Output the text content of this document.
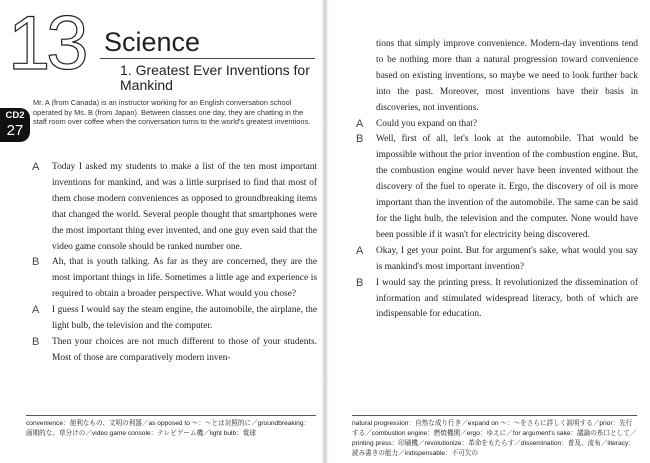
13 Science
1. Greatest Ever Inventions for Mankind
CD2
27
Mr. A (from Canada) is an instructor working for an English conversation school operated by Ms. B (from Japan). Between classes one day, they are chatting in the staff room over coffee when the conversation turns to the world's greatest inventions.
A Today I asked my students to make a list of the ten most important inventions for mankind, and was a little surprised to find that most of them chose modern conveniences as opposed to groundbreaking items that changed the world. Several people thought that smartphones were the most important thing ever invented, and one guy even said that the video game console should be ranked number one.
B Ah, that is youth talking. As far as they are concerned, they are the most important things in life. Sometimes a little age and experience is required to obtain a broader perspective. What would you chose?
A I guess I would say the steam engine, the automobile, the airplane, the light bulb, the television and the computer.
B Then your choices are not much different to those of your students. Most of those are comparatively modern inven-
convenience：便利なもの、文明の利器／as opposed to ～：～とは対照的に／groundbreaking：画期的な、草分けの／video game console：テレビゲーム機／light bulb：電球
tions that simply improve convenience. Modern-day inventions tend to be nothing more than a natural progression toward convenience based on existing inventions, so maybe we need to look further back into the past. Moreover, most inventions have their basis in discoveries, not inventions.
A Could you expand on that?
B Well, first of all, let's look at the automobile. That would be impossible without the prior invention of the combustion engine. But, the combustion engine would never have been invented without the discovery of the fuel to operate it. Ergo, the discovery of oil is more important than the invention of the automobile. The same can be said for the light bulb, the television and the computer. None would have been possible if it wasn't for electricity being discovered.
A Okay, I get your point. But for argument's sake, what would you say is mankind's most important invention?
B I would say the printing press. It revolutionized the dissemination of information and stimulated widespread literacy, both of which are indispensable for education.
natural progression：自然な成り行き／expand on ～：～をさらに詳しく説明する／prior：先行する／combustion engine：燃焼機関／ergo：ゆえに／for argument's sake：議論の糸口として／printing press：印刷機／revolutionize：革命をもたらす／dissemination：普及、流布／literacy：読み書きの能力／indispensable：不可欠の
